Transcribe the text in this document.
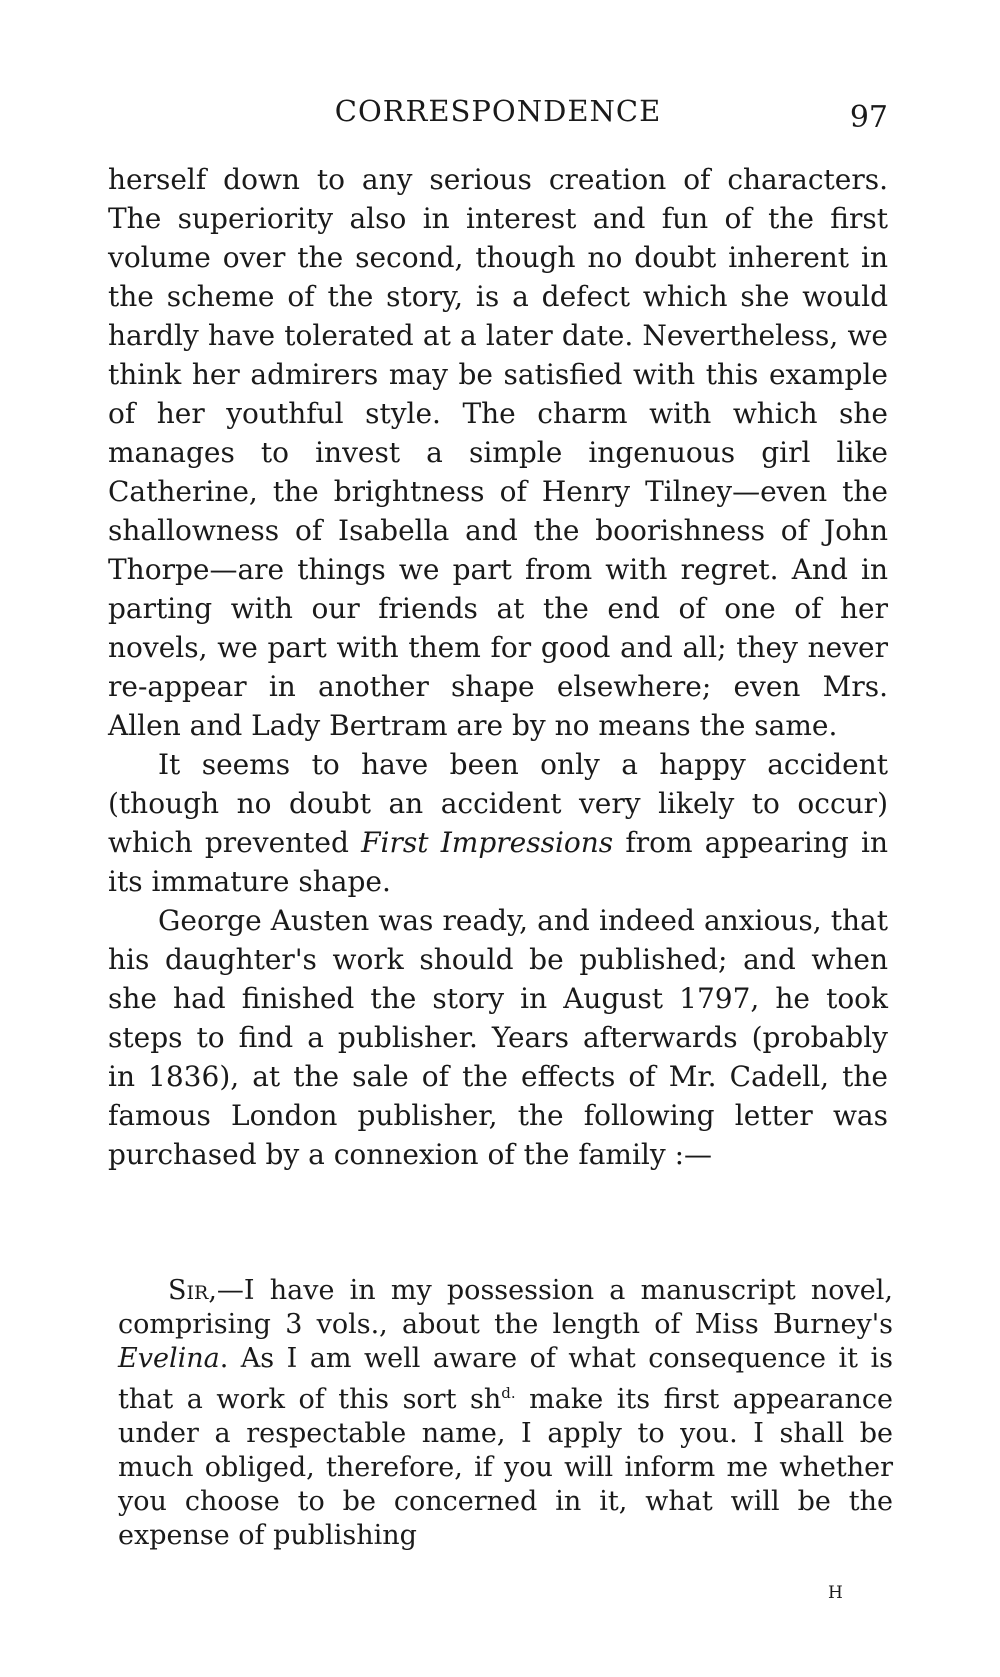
CORRESPONDENCE	97

herself down to any serious creation of characters. The superiority also in interest and fun of the first volume over the second, though no doubt inherent in the scheme of the story, is a defect which she would hardly have tolerated at a later date. Nevertheless, we think her admirers may be satisfied with this example of her youthful style. The charm with which she manages to invest a simple ingenuous girl like Catherine, the brightness of Henry Tilney—even the shallowness of Isabella and the boorishness of John Thorpe—are things we part from with regret. And in parting with our friends at the end of one of her novels, we part with them for good and all; they never re-appear in another shape elsewhere; even Mrs. Allen and Lady Bertram are by no means the same.

It seems to have been only a happy accident (though no doubt an accident very likely to occur) which prevented First Impressions from appearing in its immature shape.

George Austen was ready, and indeed anxious, that his daughter's work should be published; and when she had finished the story in August 1797, he took steps to find a publisher. Years afterwards (probably in 1836), at the sale of the effects of Mr. Cadell, the famous London publisher, the following letter was purchased by a connexion of the family :—

Sir,—I have in my possession a manuscript novel, comprising 3 vols., about the length of Miss Burney's Evelina. As I am well aware of what consequence it is that a work of this sort $sh^{d.}$ make its first appearance under a respectable name, I apply to you. I shall be much obliged, therefore, if you will inform me whether you choose to be concerned in it, what will be the expense of publishing

H
